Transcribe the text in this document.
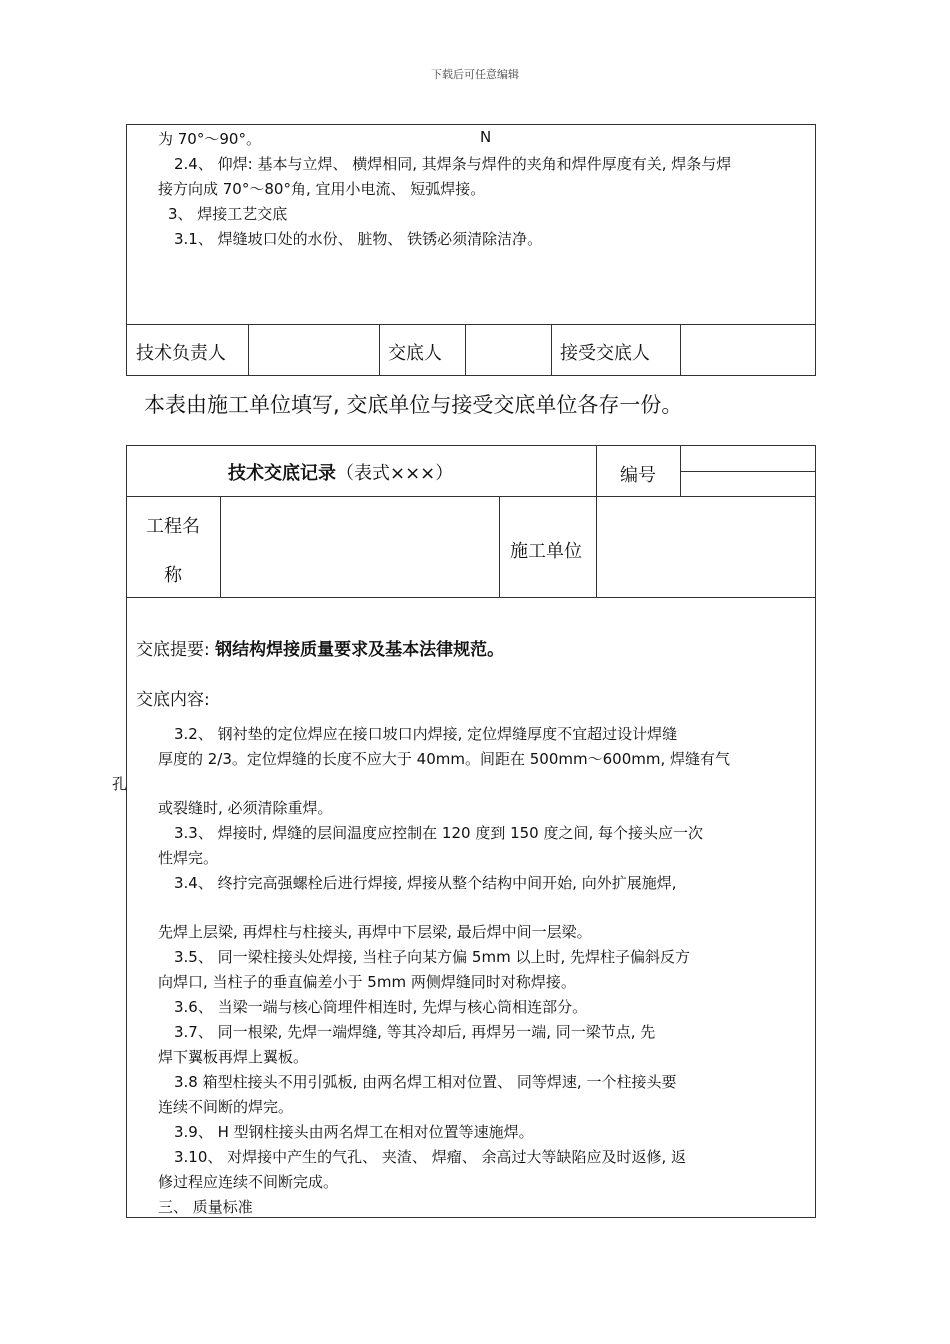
下载后可任意编辑
为 70°～90°。	N
2.4、 仰焊: 基本与立焊、 横焊相同, 其焊条与焊件的夹角和焊件厚度有关, 焊条与焊
接方向成 70°～80°角, 宜用小电流、 短弧焊接。
3、 焊接工艺交底
3.1、 焊缝坡口处的水份、 脏物、 铁锈必须清除洁净。
技术负责人	交底人	接受交底人
本表由施工单位填写, 交底单位与接受交底单位各存一份。
技术交底记录（表式×××）	编号
工程名
称
施工单位
交底提要: 钢结构焊接质量要求及基本法律规范。
交底内容:
3.2、 钢衬垫的定位焊应在接口坡口内焊接, 定位焊缝厚度不宜超过设计焊缝
厚度的 2/3。定位焊缝的长度不应大于 40mm。间距在 500mm～600mm, 焊缝有气
孔
或裂缝时, 必须清除重焊。
3.3、 焊接时, 焊缝的层间温度应控制在 120 度到 150 度之间, 每个接头应一次
性焊完。
3.4、 终拧完高强螺栓后进行焊接, 焊接从整个结构中间开始, 向外扩展施焊,
先焊上层梁, 再焊柱与柱接头, 再焊中下层梁, 最后焊中间一层梁。
3.5、 同一梁柱接头处焊接, 当柱子向某方偏 5mm 以上时, 先焊柱子偏斜反方
向焊口, 当柱子的垂直偏差小于 5mm 两侧焊缝同时对称焊接。
3.6、 当梁一端与核心筒埋件相连时, 先焊与核心筒相连部分。
3.7、 同一根梁, 先焊一端焊缝, 等其冷却后, 再焊另一端, 同一梁节点, 先
焊下翼板再焊上翼板。
3.8 箱型柱接头不用引弧板, 由两名焊工相对位置、 同等焊速, 一个柱接头要
连续不间断的焊完。
3.9、 H 型钢柱接头由两名焊工在相对位置等速施焊。
3.10、 对焊接中产生的气孔、 夹渣、 焊瘤、 余高过大等缺陷应及时返修, 返
修过程应连续不间断完成。
三、 质量标准
